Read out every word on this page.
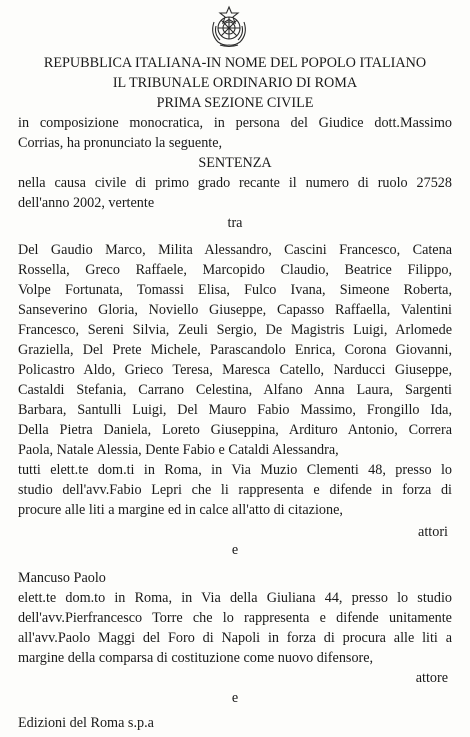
REPUBBLICA ITALIANA-IN NOME DEL POPOLO ITALIANO
IL TRIBUNALE ORDINARIO DI ROMA
PRIMA SEZIONE CIVILE
in composizione monocratica, in persona del Giudice dott.Massimo
Corrias, ha pronunciato la seguente,
SENTENZA
nella causa civile di primo grado recante il numero di ruolo 27528
dell'anno 2002, vertente
tra
Del Gaudio Marco, Milita Alessandro, Cascini Francesco, Catena
Rossella, Greco Raffaele, Marcopido Claudio, Beatrice Filippo,
Volpe Fortunata, Tomassi Elisa, Fulco Ivana, Simeone Roberta,
Sanseverino Gloria, Noviello Giuseppe, Capasso Raffaella, Valentini
Francesco, Sereni Silvia, Zeuli Sergio, De Magistris Luigi, Arlomede
Graziella, Del Prete Michele, Parascandolo Enrica, Corona Giovanni,
Policastro Aldo, Grieco Teresa, Maresca Catello, Narducci Giuseppe,
Castaldi Stefania, Carrano Celestina, Alfano Anna Laura, Sargenti
Barbara, Santulli Luigi, Del Mauro Fabio Massimo, Frongillo Ida,
Della Pietra Daniela, Loreto Giuseppina, Ardituro Antonio, Correra
Paola, Natale Alessia, Dente Fabio e Cataldi Alessandra,
tutti elett.te dom.ti in Roma, in Via Muzio Clementi 48, presso lo
studio dell'avv.Fabio Lepri che li rappresenta e difende in forza di
procure alle liti a margine ed in calce all'atto di citazione,
attori
e
Mancuso Paolo
elett.te dom.to in Roma, in Via della Giuliana 44, presso lo studio
dell'avv.Pierfrancesco Torre che lo rappresenta e difende unitamente
all'avv.Paolo Maggi del Foro di Napoli in forza di procura alle liti a
margine della comparsa di costituzione come nuovo difensore,
attore
e
Edizioni del Roma s.p.a
